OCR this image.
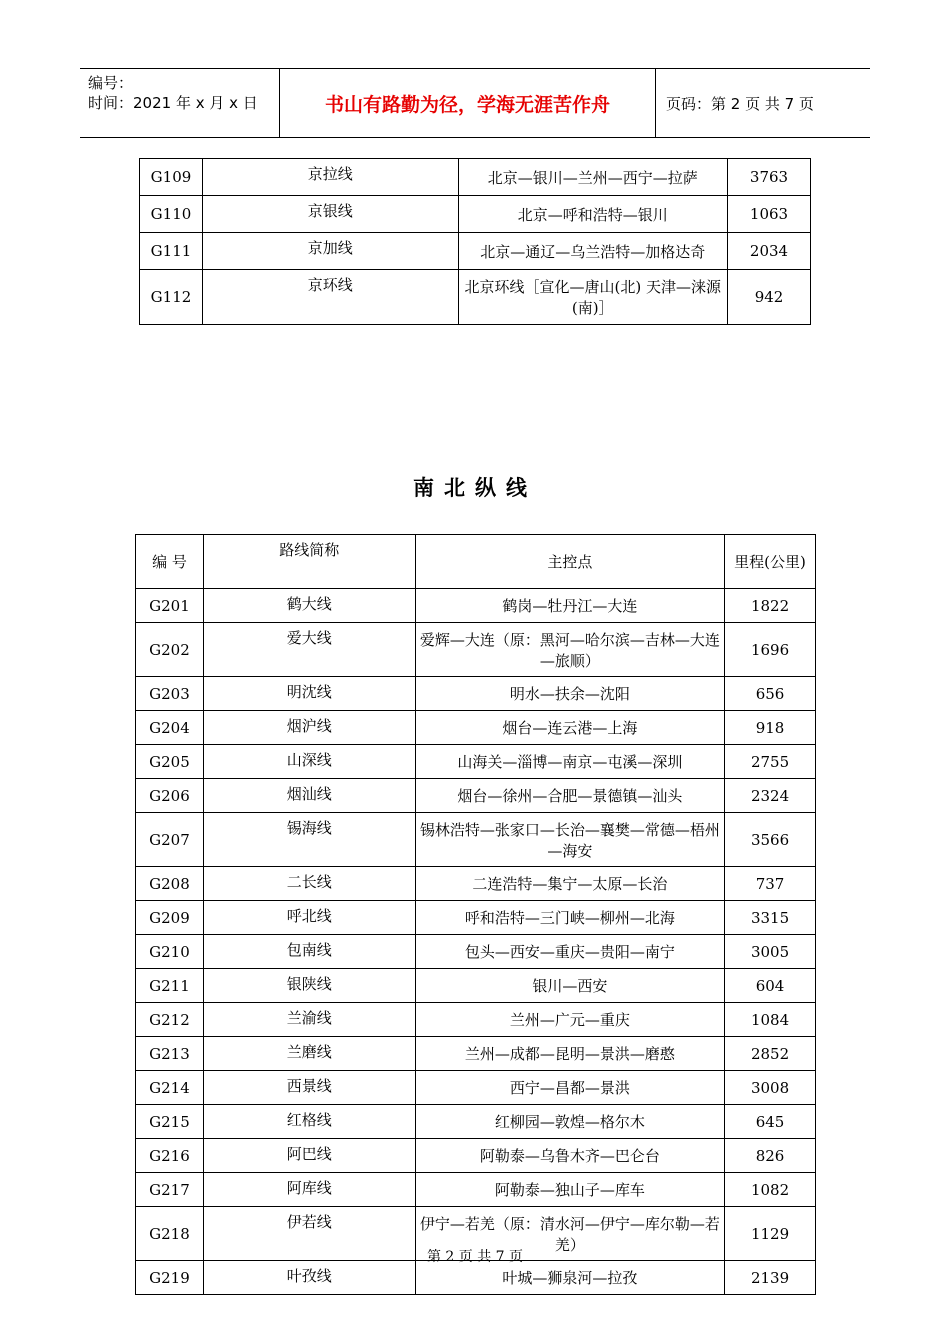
编号：
时间：2021 年 x 月 x 日	书山有路勤为径，学海无涯苦作舟	页码：第 2 页 共 7 页
G109	京拉线	北京—银川—兰州—西宁—拉萨	3763
G110	京银线	北京—呼和浩特—银川	1063
G111	京加线	北京—通辽—乌兰浩特—加格达奇	2034
G112	京环线	北京环线［宣化—唐山(北) 天津—涞源(南)］	942
南北纵线
编 号	路线简称	主控点	里程(公里)
G201	鹤大线	鹤岗—牡丹江—大连	1822
G202	爱大线	爱辉—大连（原：黑河—哈尔滨—吉林—大连—旅顺）	1696
G203	明沈线	明水—扶余—沈阳	656
G204	烟沪线	烟台—连云港—上海	918
G205	山深线	山海关—淄博—南京—屯溪—深圳	2755
G206	烟汕线	烟台—徐州—合肥—景德镇—汕头	2324
G207	锡海线	锡林浩特—张家口—长治—襄樊—常德—梧州—海安	3566
G208	二长线	二连浩特—集宁—太原—长治	737
G209	呼北线	呼和浩特—三门峡—柳州—北海	3315
G210	包南线	包头—西安—重庆—贵阳—南宁	3005
G211	银陕线	银川—西安	604
G212	兰渝线	兰州—广元—重庆	1084
G213	兰磨线	兰州—成都—昆明—景洪—磨憨	2852
G214	西景线	西宁—昌都—景洪	3008
G215	红格线	红柳园—敦煌—格尔木	645
G216	阿巴线	阿勒泰—乌鲁木齐—巴仑台	826
G217	阿库线	阿勒泰—独山子—库车	1082
G218	伊若线	伊宁—若羌（原：清水河—伊宁—库尔勒—若羌）	1129
G219	叶孜线	叶城—狮泉河—拉孜	2139
第 2 页 共 7 页
